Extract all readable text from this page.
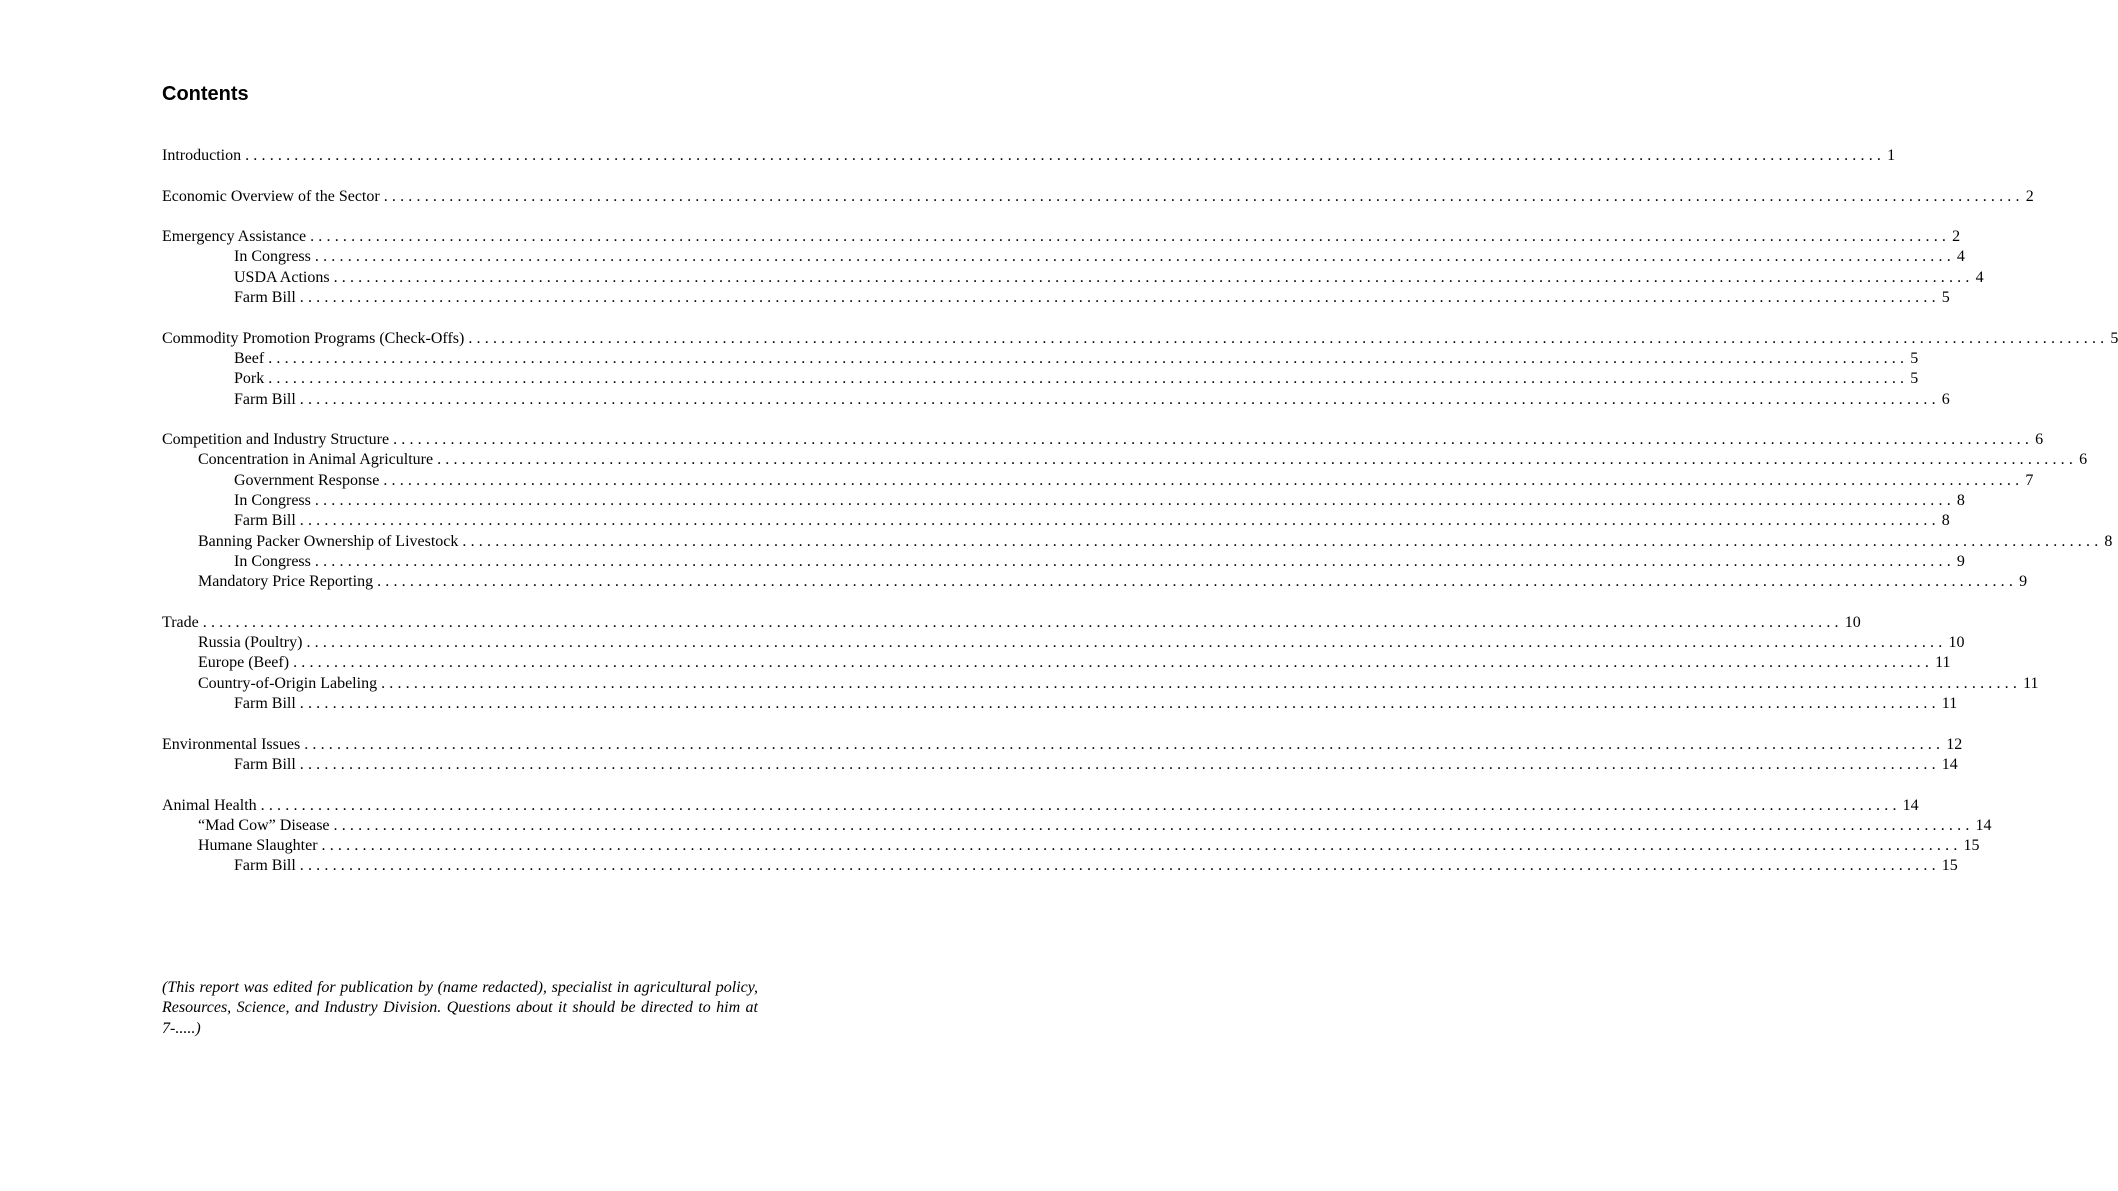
Contents
Introduction ........................................................................................................................................................................................................ 1
Economic Overview of the Sector ........................................................................................................................................................................................................ 2
Emergency Assistance ........................................................................................................................................................................................................ 2
In Congress ........................................................................................................................................................................................................ 4
USDA Actions ........................................................................................................................................................................................................ 4
Farm Bill ........................................................................................................................................................................................................ 5
Commodity Promotion Programs (Check-Offs) ........................................................................................................................................................................................................ 5
Beef ........................................................................................................................................................................................................ 5
Pork ........................................................................................................................................................................................................ 5
Farm Bill ........................................................................................................................................................................................................ 6
Competition and Industry Structure ........................................................................................................................................................................................................ 6
Concentration in Animal Agriculture ........................................................................................................................................................................................................ 6
Government Response ........................................................................................................................................................................................................ 7
In Congress ........................................................................................................................................................................................................ 8
Farm Bill ........................................................................................................................................................................................................ 8
Banning Packer Ownership of Livestock ........................................................................................................................................................................................................ 8
In Congress ........................................................................................................................................................................................................ 9
Mandatory Price Reporting ........................................................................................................................................................................................................ 9
Trade ........................................................................................................................................................................................................ 10
Russia (Poultry) ........................................................................................................................................................................................................ 10
Europe (Beef) ........................................................................................................................................................................................................ 11
Country-of-Origin Labeling ........................................................................................................................................................................................................ 11
Farm Bill ........................................................................................................................................................................................................ 11
Environmental Issues ........................................................................................................................................................................................................ 12
Farm Bill ........................................................................................................................................................................................................ 14
Animal Health ........................................................................................................................................................................................................ 14
“Mad Cow” Disease ........................................................................................................................................................................................................ 14
Humane Slaughter ........................................................................................................................................................................................................ 15
Farm Bill ........................................................................................................................................................................................................ 15

(This report was edited for publication by (name redacted), specialist in agricultural policy, Resources, Science, and Industry Division. Questions about it should be directed to him at 7-.....)
